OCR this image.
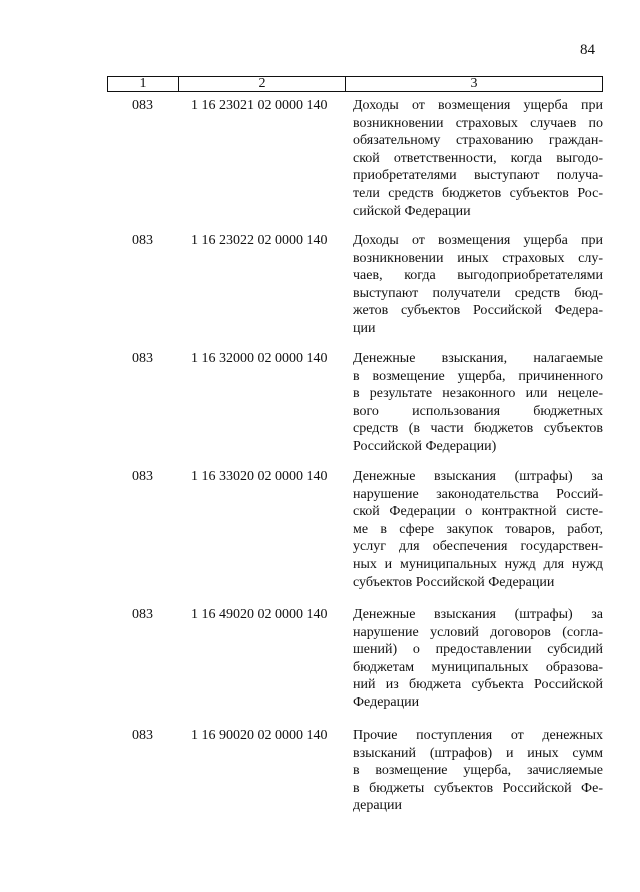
84
1	2	3
083	1 16 23021 02 0000 140 Доходы от возмещения ущерба при
возникновении страховых случаев по
обязательному страхованию граждан-
ской ответственности, когда выгодо-
приобретателями выступают получа-
тели средств бюджетов субъектов Рос-
сийской Федерации
083	1 16 23022 02 0000 140 Доходы от возмещения ущерба при
возникновении иных страховых слу-
чаев, когда выгодоприобретателями
выступают получатели средств бюд-
жетов субъектов Российской Федера-
ции
083	1 16 32000 02 0000 140 Денежные взыскания, налагаемые
в возмещение ущерба, причиненного
в результате незаконного или нецеле-
вого использования бюджетных
средств (в части бюджетов субъектов
Российской Федерации)
083	1 16 33020 02 0000 140 Денежные взыскания (штрафы) за
нарушение законодательства Россий-
ской Федерации о контрактной систе-
ме в сфере закупок товаров, работ,
услуг для обеспечения государствен-
ных и муниципальных нужд для нужд
субъектов Российской Федерации
083	1 16 49020 02 0000 140 Денежные взыскания (штрафы) за
нарушение условий договоров (согла-
шений) о предоставлении субсидий
бюджетам муниципальных образова-
ний из бюджета субъекта Российской
Федерации
083	1 16 90020 02 0000 140 Прочие поступления от денежных
взысканий (штрафов) и иных сумм
в возмещение ущерба, зачисляемые
в бюджеты субъектов Российской Фе-
дерации
